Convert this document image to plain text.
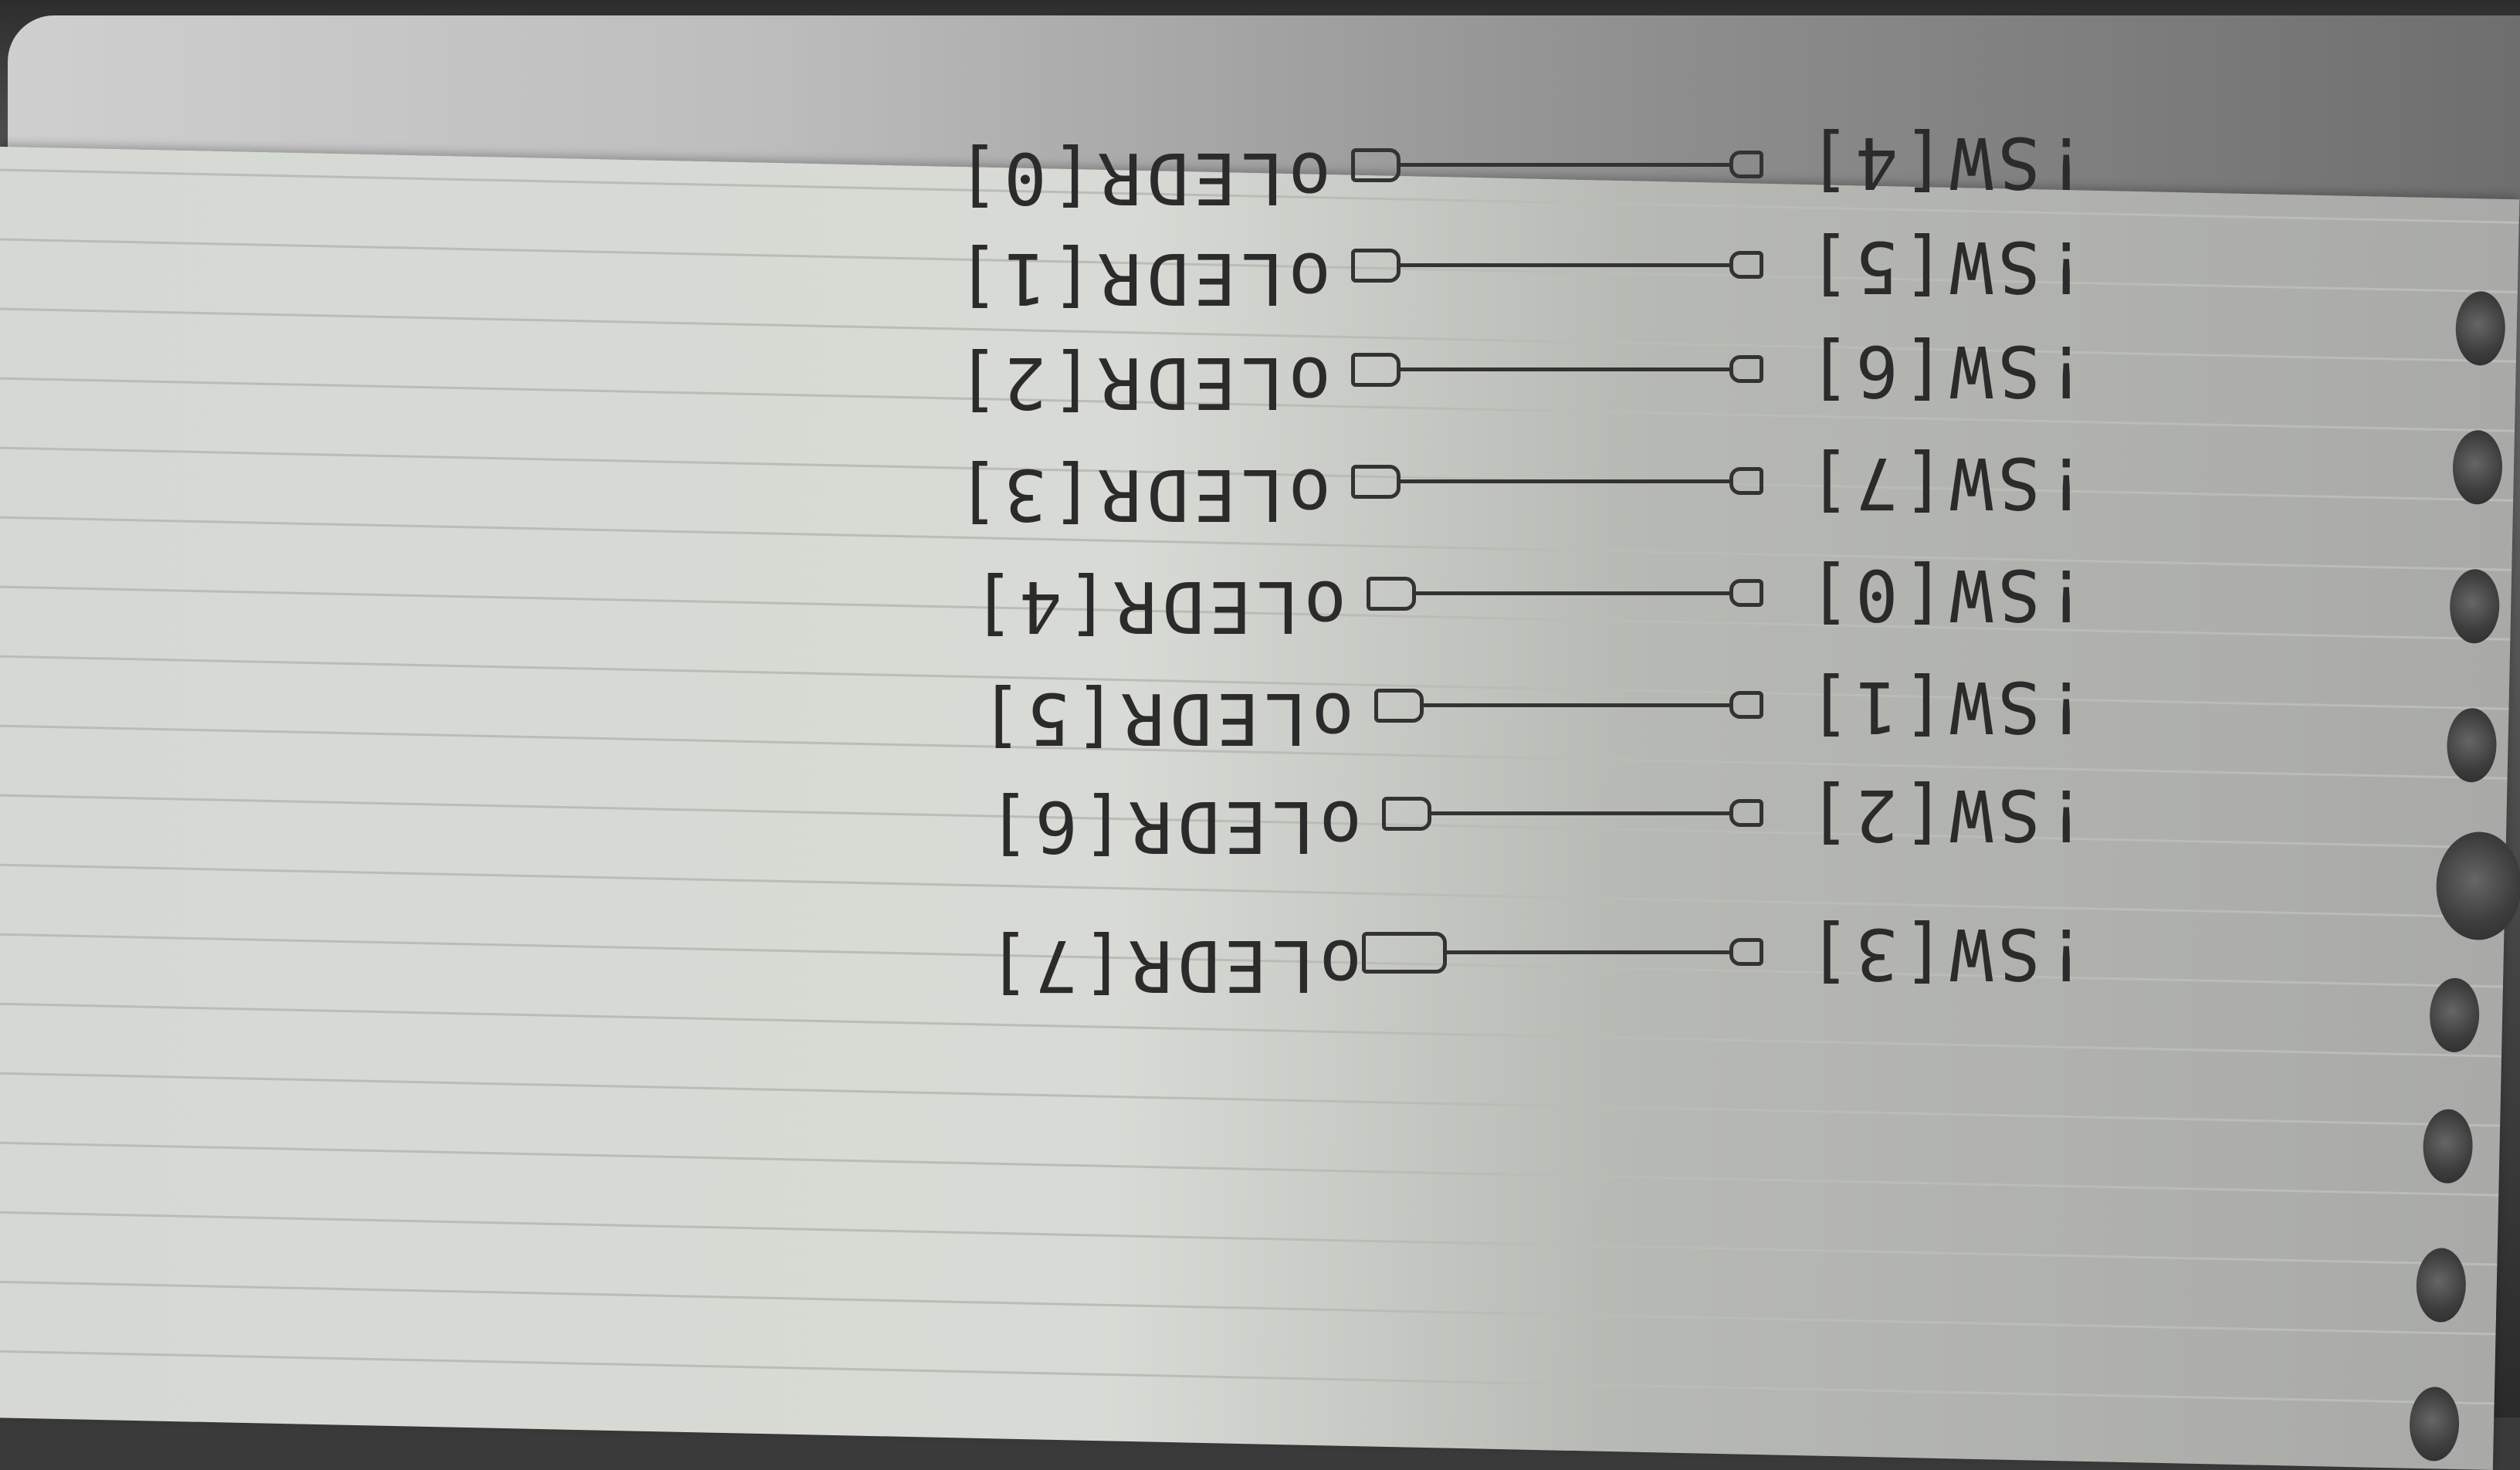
!SW[4]
oLEDR[0]
!SW[5]
oLEDR[1]
!SW[6]
oLEDR[2]
!SW[7]
oLEDR[3]
!SW[0]
oLEDR[4]
!SW[1]
oLEDR[5]
!SW[2]
oLEDR[6]
!SW[3]
oLEDR[7]
